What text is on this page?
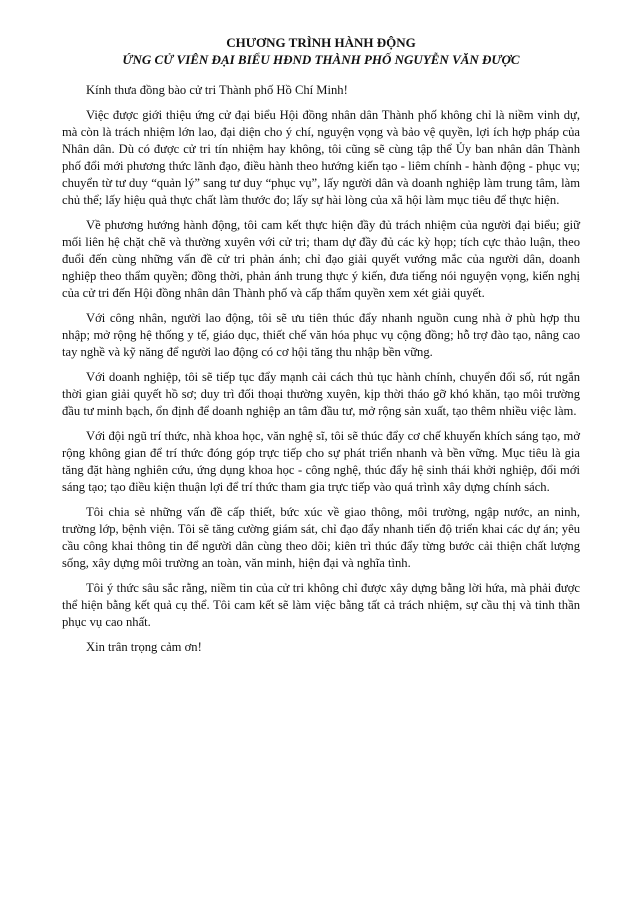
CHƯƠNG TRÌNH HÀNH ĐỘNG
ỨNG CỬ VIÊN ĐẠI BIỂU HĐND THÀNH PHỐ NGUYỄN VĂN ĐƯỢC

Kính thưa đồng bào cử tri Thành phố Hồ Chí Minh!

Việc được giới thiệu ứng cử đại biểu Hội đồng nhân dân Thành phố không chỉ là niềm vinh dự, mà còn là trách nhiệm lớn lao, đại diện cho ý chí, nguyện vọng và bảo vệ quyền, lợi ích hợp pháp của Nhân dân. Dù có được cử tri tín nhiệm hay không, tôi cũng sẽ cùng tập thể Ủy ban nhân dân Thành phố đổi mới phương thức lãnh đạo, điều hành theo hướng kiến tạo - liêm chính - hành động - phục vụ; chuyển từ tư duy “quản lý” sang tư duy “phục vụ”, lấy người dân và doanh nghiệp làm trung tâm, làm chủ thể; lấy hiệu quả thực chất làm thước đo; lấy sự hài lòng của xã hội làm mục tiêu để thực hiện.

Về phương hướng hành động, tôi cam kết thực hiện đầy đủ trách nhiệm của người đại biểu; giữ mối liên hệ chặt chẽ và thường xuyên với cử tri; tham dự đầy đủ các kỳ họp; tích cực thảo luận, theo đuổi đến cùng những vấn đề cử tri phản ánh; chỉ đạo giải quyết vướng mắc của người dân, doanh nghiệp theo thẩm quyền; đồng thời, phản ánh trung thực ý kiến, đưa tiếng nói nguyện vọng, kiến nghị của cử tri đến Hội đồng nhân dân Thành phố và cấp thẩm quyền xem xét giải quyết.

Với công nhân, người lao động, tôi sẽ ưu tiên thúc đẩy nhanh nguồn cung nhà ở phù hợp thu nhập; mở rộng hệ thống y tế, giáo dục, thiết chế văn hóa phục vụ cộng đồng; hỗ trợ đào tạo, nâng cao tay nghề và kỹ năng để người lao động có cơ hội tăng thu nhập bền vững.

Với doanh nghiệp, tôi sẽ tiếp tục đẩy mạnh cải cách thủ tục hành chính, chuyển đổi số, rút ngắn thời gian giải quyết hồ sơ; duy trì đối thoại thường xuyên, kịp thời tháo gỡ khó khăn, tạo môi trường đầu tư minh bạch, ổn định để doanh nghiệp an tâm đầu tư, mở rộng sản xuất, tạo thêm nhiều việc làm.

Với đội ngũ trí thức, nhà khoa học, văn nghệ sĩ, tôi sẽ thúc đẩy cơ chế khuyến khích sáng tạo, mở rộng không gian để trí thức đóng góp trực tiếp cho sự phát triển nhanh và bền vững. Mục tiêu là gia tăng đặt hàng nghiên cứu, ứng dụng khoa học - công nghệ, thúc đẩy hệ sinh thái khởi nghiệp, đổi mới sáng tạo; tạo điều kiện thuận lợi để trí thức tham gia trực tiếp vào quá trình xây dựng chính sách.

Tôi chia sẻ những vấn đề cấp thiết, bức xúc về giao thông, môi trường, ngập nước, an ninh, trường lớp, bệnh viện. Tôi sẽ tăng cường giám sát, chỉ đạo đẩy nhanh tiến độ triển khai các dự án; yêu cầu công khai thông tin để người dân cùng theo dõi; kiên trì thúc đẩy từng bước cải thiện chất lượng sống, xây dựng môi trường an toàn, văn minh, hiện đại và nghĩa tình.

Tôi ý thức sâu sắc rằng, niềm tin của cử tri không chỉ được xây dựng bằng lời hứa, mà phải được thể hiện bằng kết quả cụ thể. Tôi cam kết sẽ làm việc bằng tất cả trách nhiệm, sự cầu thị và tinh thần phục vụ cao nhất.

Xin trân trọng cảm ơn!
